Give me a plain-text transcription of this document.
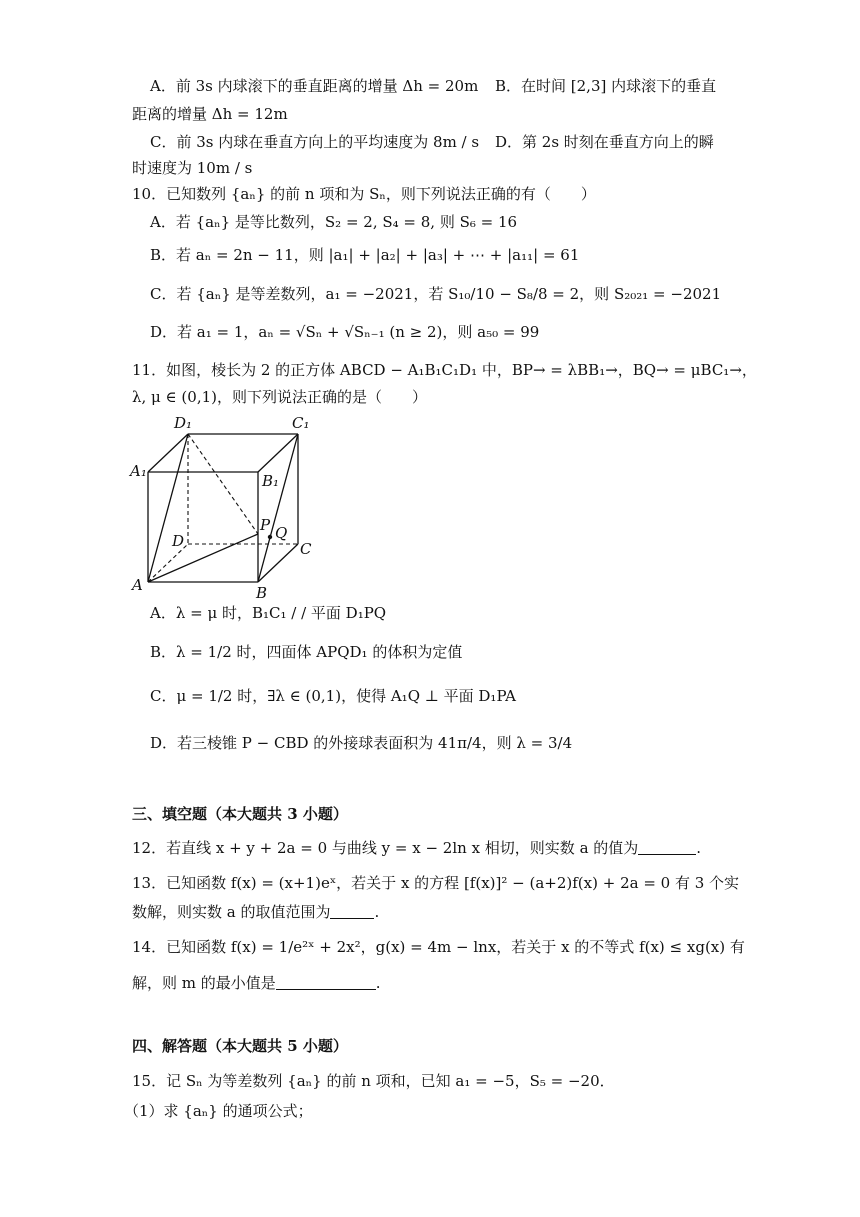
A．前 3s 内球滚下的垂直距离的增量 Δh = 20m B．在时间 [2,3] 内球滚下的垂直
距离的增量 Δh = 12m
C．前 3s 内球在垂直方向上的平均速度为 8m / s D．第 2s 时刻在垂直方向上的瞬
时速度为 10m / s
10．已知数列 {aₙ} 的前 n 项和为 Sₙ，则下列说法正确的有（　　）
A．若 {aₙ} 是等比数列，S₂ = 2, S₄ = 8, 则 S₆ = 16
B．若 aₙ = 2n − 11，则 |a₁| + |a₂| + |a₃| + ⋯ + |a₁₁| = 61
C．若 {aₙ} 是等差数列，a₁ = −2021，若 S₁₀/10 − S₈/8 = 2，则 S₂₀₂₁ = −2021
D．若 a₁ = 1，aₙ = √Sₙ + √Sₙ₋₁ (n ≥ 2)，则 a₅₀ = 99
11．如图，棱长为 2 的正方体 ABCD − A₁B₁C₁D₁ 中，BP→ = λBB₁→，BQ→ = μBC₁→，
λ, μ ∈ (0,1)，则下列说法正确的是（　　）
D₁	C₁
A₁
B₁
P Q
D	C
A	B
A．λ = μ 时，B₁C₁ / / 平面 D₁PQ
B．λ = 1/2 时，四面体 APQD₁ 的体积为定值
C．μ = 1/2 时，∃λ ∈ (0,1)，使得 A₁Q ⊥ 平面 D₁PA
D．若三棱锥 P − CBD 的外接球表面积为 41π/4，则 λ = 3/4
三、填空题（本大题共 3 小题）
12．若直线 x + y + 2a = 0 与曲线 y = x − 2ln x 相切，则实数 a 的值为	.
13．已知函数 f(x) = (x+1)eˣ，若关于 x 的方程 [f(x)]² − (a+2)f(x) + 2a = 0 有 3 个实
数解，则实数 a 的取值范围为	.
14．已知函数 f(x) = 1/e²ˣ + 2x²，g(x) = 4m − lnx，若关于 x 的不等式 f(x) ≤ xg(x) 有
解，则 m 的最小值是	.
四、解答题（本大题共 5 小题）
15．记 Sₙ 为等差数列 {aₙ} 的前 n 项和，已知 a₁ = −5，S₅ = −20．
（1）求 {aₙ} 的通项公式；
